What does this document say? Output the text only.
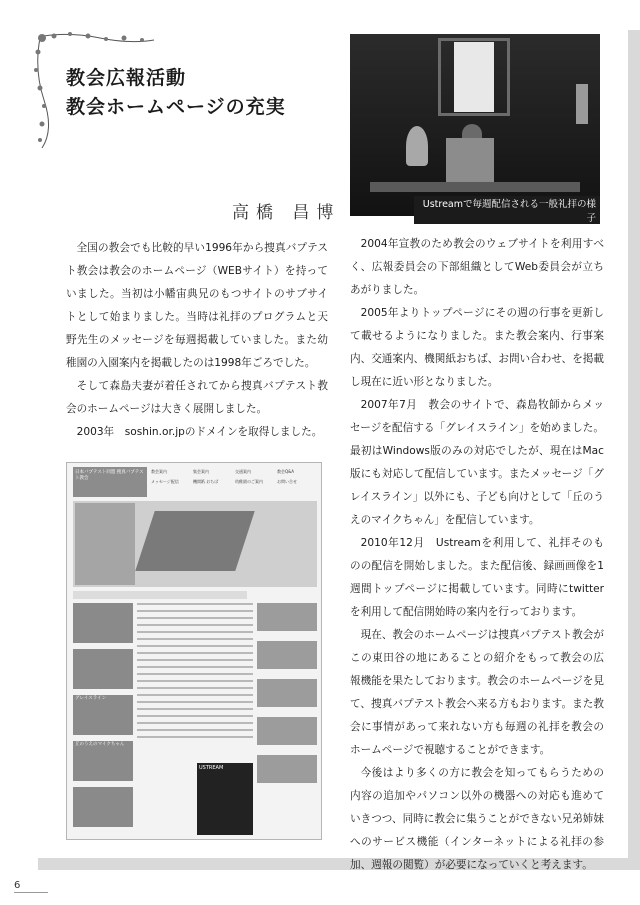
教会広報活動
教会ホームページの充実
Ustreamで毎週配信される一般礼拝の様子
高橋 昌博

全国の教会でも比較的早い1996年から捜真バプテスト教会は教会のホームページ（WEBサイト）を持っていました。当初は小幡宙典兄のもつサイトのサブサイトとして始まりました。当時は礼拝のプログラムと天野先生のメッセージを毎週掲載していました。また幼稚園の入園案内を掲載したのは1998年ごろでした。

そして森島夫妻が着任されてから捜真バプテスト教会のホームページは大きく展開しました。

2003年　soshin.or.jpのドメインを取得しました。

日本バプテスト同盟 捜真バプテスト教会
教会案内
メッセージ配信
集会案内
機関紙 おちば
交通案内
幼稚園のご案内
教会Q&A
お問い合せ
グレイスライン
丘のうえのマイクちゃん
USTREAM

2004年宣教のため教会のウェブサイトを利用すべく、広報委員会の下部組織としてWeb委員会が立ちあがりました。

2005年よりトップページにその週の行事を更新して載せるようになりました。また教会案内、行事案内、交通案内、機関紙おちば、お問い合わせ、を掲載し現在に近い形となりました。

2007年7月　教会のサイトで、森島牧師からメッセージを配信する「グレイスライン」を始めました。最初はWindows版のみの対応でしたが、現在はMac版にも対応して配信しています。またメッセージ「グレイスライン」以外にも、子ども向けとして「丘のうえのマイクちゃん」を配信しています。

2010年12月　Ustreamを利用して、礼拝そのものの配信を開始しました。また配信後、録画画像を1週間トップページに掲載しています。同時にtwitterを利用して配信開始時の案内を行っております。

現在、教会のホームページは捜真バプテスト教会が この東田谷の地にあることの紹介をもって教会の広報機能を果たしております。教会のホームページを見て、捜真バプテスト教会へ来る方もおります。また教会に事情があって来れない方も毎週の礼拝を教会のホームページで視聴することができます。

今後はより多くの方に教会を知ってもらうための内容の追加やパソコン以外の機器への対応も進めていきつつ、同時に教会に集うことができない兄弟姉妹へのサービス機能（インターネットによる礼拝の参加、週報の閲覧）が必要になっていくと考えます。

6
